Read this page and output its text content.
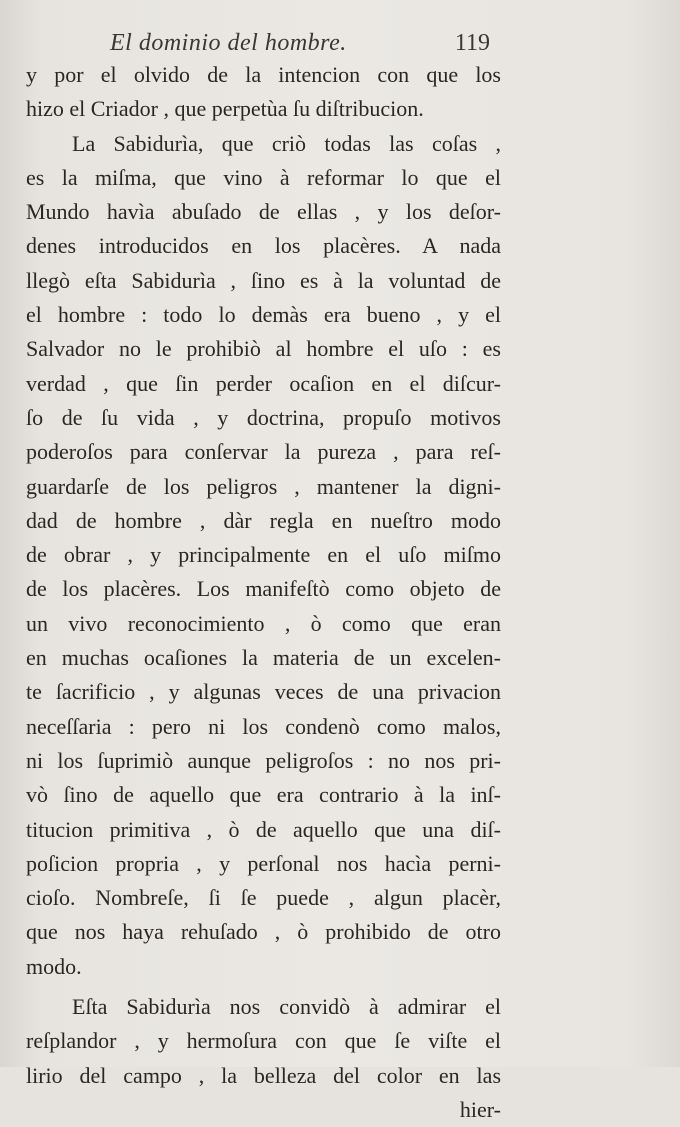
El dominio del hombre.	119
y por el olvido de la intencion con que los
hizo el Criador , que perpetùa ſu diſtribucion.
La Sabidurìa, que criò todas las coſas ,
es la miſma, que vino à reformar lo que el
Mundo havìa abuſado de ellas , y los deſor-
denes introducidos en los placères. A nada
llegò eſta Sabidurìa , ſino es à la voluntad de
el hombre : todo lo demàs era bueno , y el
Salvador no le prohibiò al hombre el uſo : es
verdad , que ſin perder ocaſion en el diſcur-
ſo de ſu vida , y doctrina, propuſo motivos
poderoſos para conſervar la pureza , para reſ-
guardarſe de los peligros , mantener la digni-
dad de hombre , dàr regla en nueſtro modo
de obrar , y principalmente en el uſo miſmo
de los placères. Los manifeſtò como objeto de
un vivo reconocimiento , ò como que eran
en muchas ocaſiones la materia de un excelen-
te ſacrificio , y algunas veces de una privacion
neceſſaria : pero ni los condenò como malos,
ni los ſuprimiò aunque peligroſos : no nos pri-
vò ſino de aquello que era contrario à la inſ-
titucion primitiva , ò de aquello que una diſ-
poſicion propria , y perſonal nos hacìa perni-
cioſo. Nombreſe, ſi ſe puede , algun placèr,
que nos haya rehuſado , ò prohibido de otro
modo.
Eſta Sabidurìa nos convidò à admirar el
reſplandor , y hermoſura con que ſe viſte el
lirio del campo , la belleza del color en las
hier-
